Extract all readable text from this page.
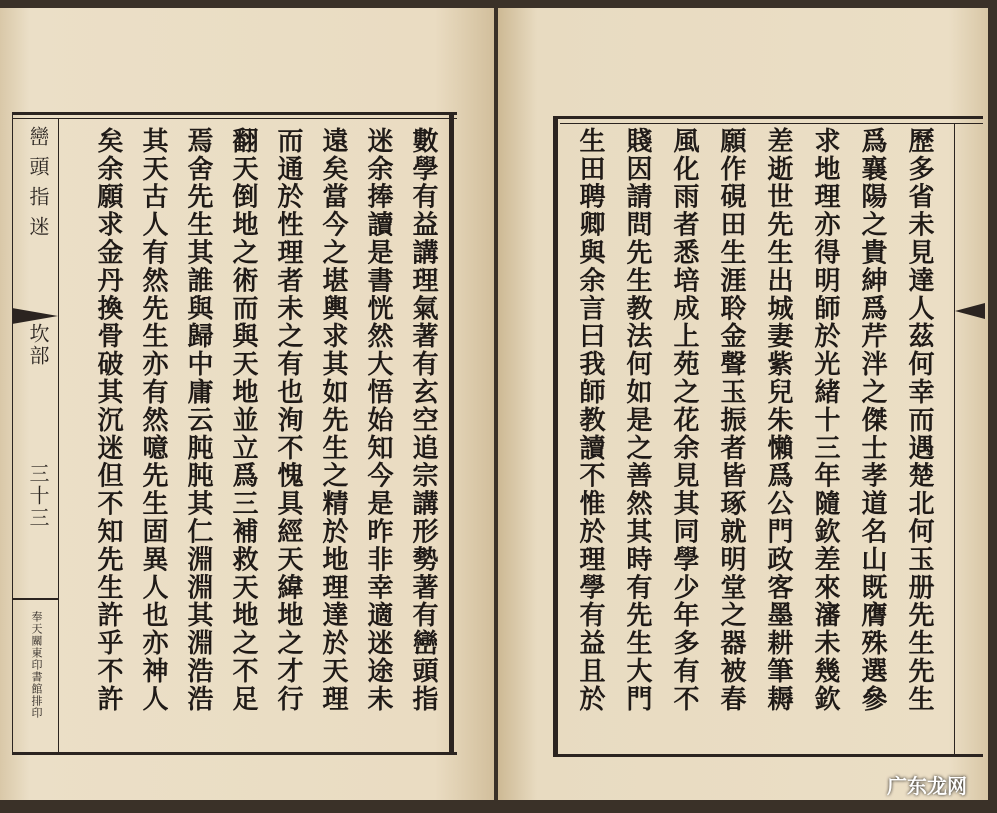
巒頭指迷
坎部
三十三
奉天關東印書館排印	數學有益講理氣著有玄空追宗講形勢著有巒頭指
迷余捧讀是書恍然大悟始知今是昨非幸適迷途未
遠矣當今之堪輿求其如先生之精於地理達於天理
而通於性理者未之有也洵不愧具經天緯地之才行
翻天倒地之術而與天地並立爲三補救天地之不足
焉舍先生其誰與歸中庸云肫肫其仁淵淵其淵浩浩
其天古人有然先生亦有然噫先生固異人也亦神人
矣余願求金丹換骨破其沉迷但不知先生許乎不許	歷多省未見達人茲何幸而遇楚北何玉册先生先生
爲襄陽之貴紳爲芹泮之傑士孝道名山既膺殊選參
求地理亦得明師於光緒十三年隨欽差來瀋未幾欽
差逝世先生出城妻紫兒朱懶爲公門政客墨耕筆耨
願作硯田生涯聆金聲玉振者皆琢就明堂之器被春
風化雨者悉培成上苑之花余見其同學少年多有不
賤因請問先生教法何如是之善然其時有先生大門
生田聘卿與余言曰我師教讀不惟於理學有益且於
广东龙网
